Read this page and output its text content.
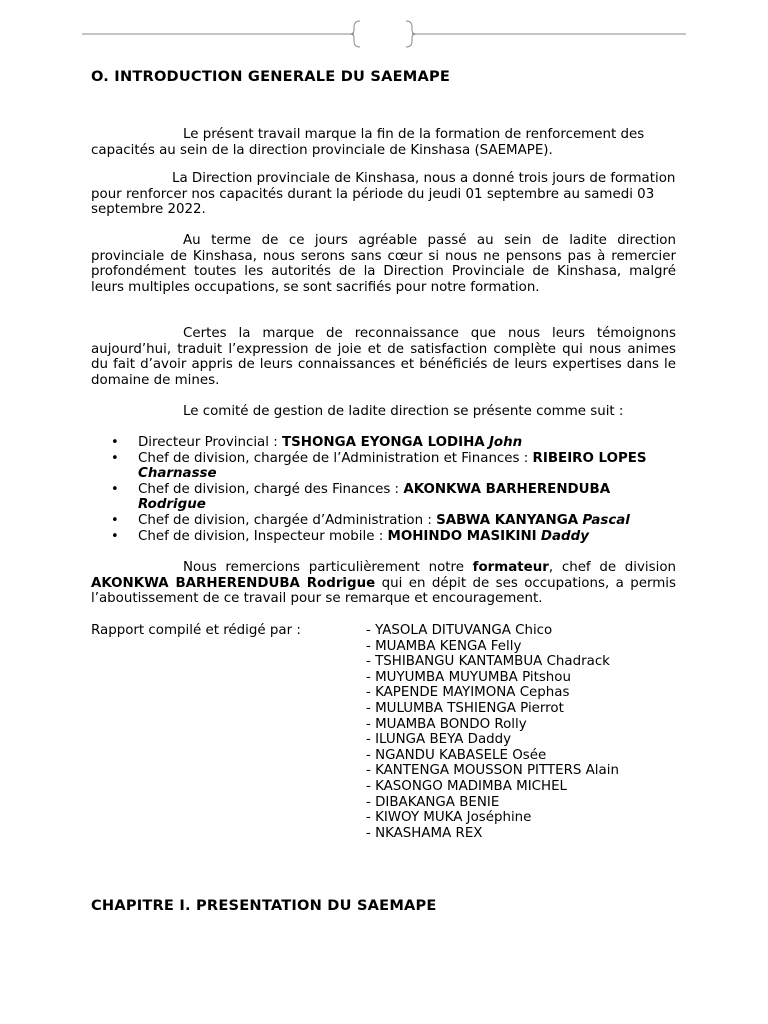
O. INTRODUCTION GENERALE DU SAEMAPE

Le présent travail marque la fin de la formation de renforcement des capacités au sein de la direction provinciale de Kinshasa (SAEMAPE).

La Direction provinciale de Kinshasa, nous a donné trois jours de formation pour renforcer nos capacités durant la période du jeudi 01 septembre au samedi 03 septembre 2022.

Au terme de ce jours agréable passé au sein de ladite direction provinciale de Kinshasa, nous serons sans cœur si nous ne pensons pas à remercier profondément toutes les autorités de la Direction Provinciale de Kinshasa, malgré leurs multiples occupations, se sont sacrifiés pour notre formation.

Certes la marque de reconnaissance que nous leurs témoignons aujourd’hui, traduit l’expression de joie et de satisfaction complète qui nous animes du fait d’avoir appris de leurs connaissances et bénéficiés de leurs expertises dans le domaine de mines.

Le comité de gestion de ladite direction se présente comme suit :

• Directeur Provincial : TSHONGA EYONGA LODIHA John
• Chef de division, chargée de l’Administration et Finances : RIBEIRO LOPES Charnasse
• Chef de division, chargé des Finances : AKONKWA BARHERENDUBA Rodrigue
• Chef de division, chargée d’Administration : SABWA KANYANGA Pascal
• Chef de division, Inspecteur mobile : MOHINDO MASIKINI Daddy

Nous remercions particulièrement notre formateur, chef de division AKONKWA BARHERENDUBA Rodrigue qui en dépit de ses occupations, a permis l’aboutissement de ce travail pour se remarque et encouragement.

Rapport compilé et rédigé par :	- YASOLA DITUVANGA Chico
- MUAMBA KENGA Felly
- TSHIBANGU KANTAMBUA Chadrack
- MUYUMBA MUYUMBA Pitshou
- KAPENDE MAYIMONA Cephas
- MULUMBA TSHIENGA Pierrot
- MUAMBA BONDO Rolly
- ILUNGA BEYA Daddy
- NGANDU KABASELE Osée
- KANTENGA MOUSSON PITTERS Alain
- KASONGO MADIMBA MICHEL
- DIBAKANGA BENIE
- KIWOY MUKA Joséphine
- NKASHAMA REX
CHAPITRE I. PRESENTATION DU SAEMAPE
